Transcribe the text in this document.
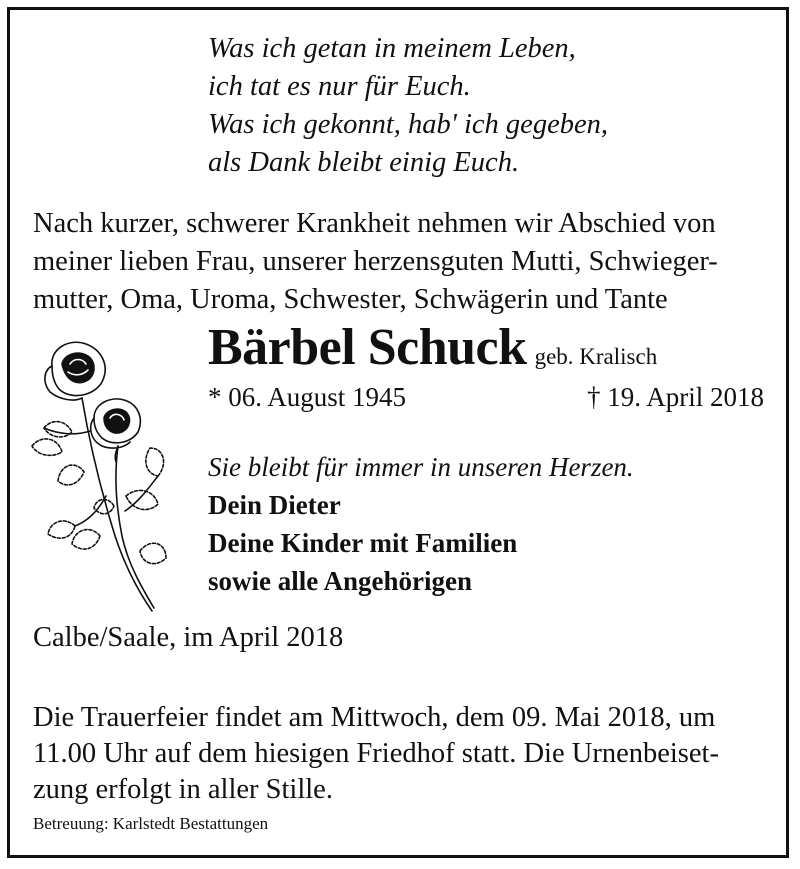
Was ich getan in meinem Leben,
ich tat es nur für Euch.
Was ich gekonnt, hab' ich gegeben,
als Dank bleibt einig Euch.
Nach kurzer, schwerer Krankheit nehmen wir Abschied von
meiner lieben Frau, unserer herzensguten Mutti, Schwieger-
mutter, Oma, Uroma, Schwester, Schwägerin und Tante
Bärbel Schuck geb. Kralisch
* 06. August 1945	† 19. April 2018
Sie bleibt für immer in unseren Herzen.
Dein Dieter
Deine Kinder mit Familien
sowie alle Angehörigen
Calbe/Saale, im April 2018
Die Trauerfeier findet am Mittwoch, dem 09. Mai 2018, um
11.00 Uhr auf dem hiesigen Friedhof statt. Die Urnenbeiset-
zung erfolgt in aller Stille.
Betreuung: Karlstedt Bestattungen
